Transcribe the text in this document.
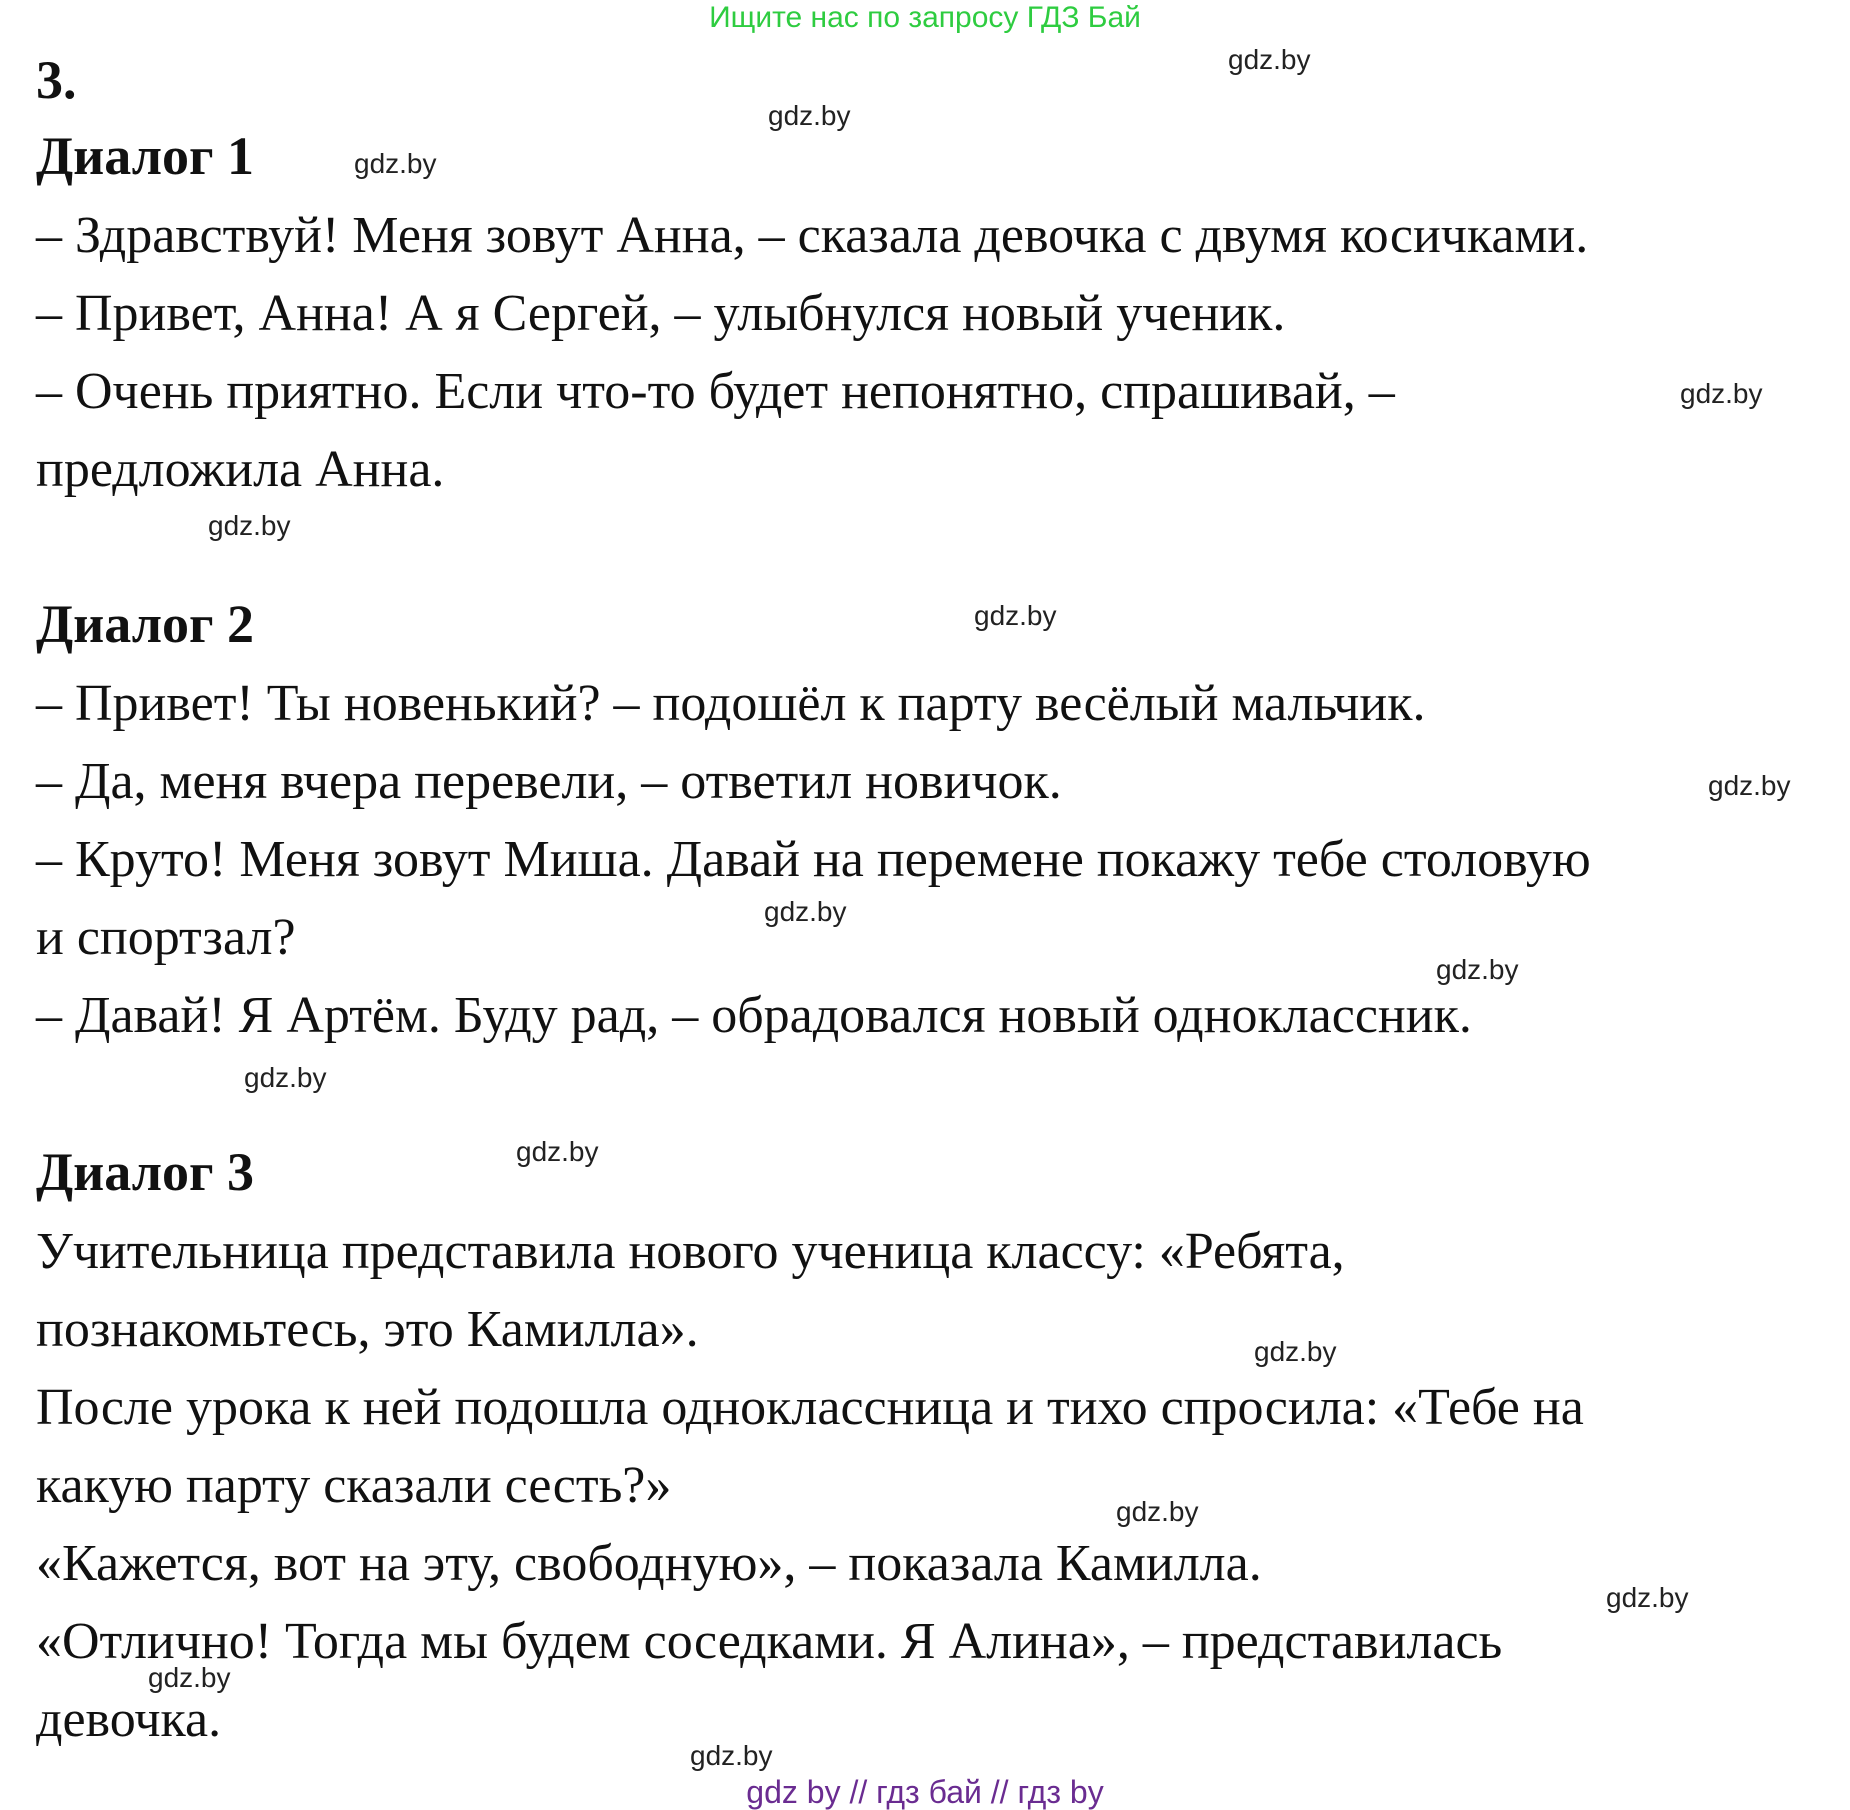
Ищите нас по запросу ГДЗ Бай
3.
Диалог 1
– Здравствуй! Меня зовут Анна, – сказала девочка с двумя косичками.
– Привет, Анна! А я Сергей, – улыбнулся новый ученик.
– Очень приятно. Если что-то будет непонятно, спрашивай, –
предложила Анна.
Диалог 2
– Привет! Ты новенький? – подошёл к парту весёлый мальчик.
– Да, меня вчера перевели, – ответил новичок.
– Круто! Меня зовут Миша. Давай на перемене покажу тебе столовую
и спортзал?
– Давай! Я Артём. Буду рад, – обрадовался новый одноклассник.
Диалог 3
Учительница представила нового ученица классу: «Ребята,
познакомьтесь, это Камилла».
После урока к ней подошла одноклассница и тихо спросила: «Тебе на
какую парту сказали сесть?»
«Кажется, вот на эту, свободную», – показала Камилла.
«Отлично! Тогда мы будем соседками. Я Алина», – представилась
девочка.
gdz.by
gdz.by
gdz.by
gdz.by
gdz.by
gdz.by
gdz.by
gdz.by
gdz.by
gdz.by
gdz.by
gdz.by
gdz.by
gdz.by
gdz.by
gdz.by
gdz by // гдз бай // гдз by
